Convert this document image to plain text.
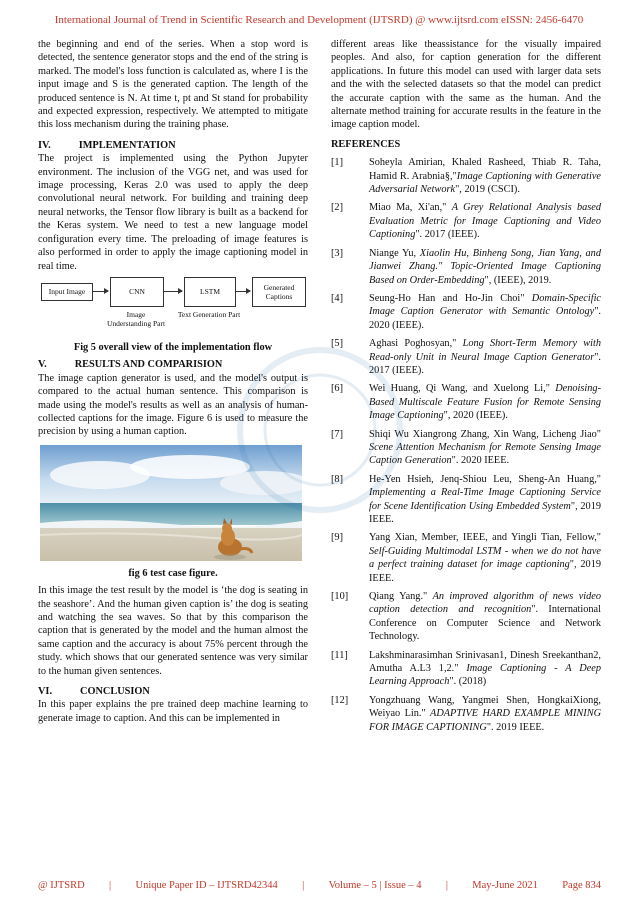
International Journal of Trend in Scientific Research and Development (IJTSRD) @ www.ijtsrd.com eISSN: 2456-6470

the beginning and end of the series. When a stop word is detected, the sentence generator stops and the end of the string is marked. The model's loss function is calculated as, where I is the input image and S is the generated caption. The length of the produced sentence is N. At time t, pt and St stand for probability and expected expression, respectively. We attempted to mitigate this loss mechanism during the training phase.

IV.	IMPLEMENTATION

The project is implemented using the Python Jupyter environment. The inclusion of the VGG net, and was used for image processing, Keras 2.0 was used to apply the deep convolutional neural network. For building and training deep neural networks, the Tensor flow library is built as a backend for the Keras system. We need to test a new language model configuration every time. The preloading of image features is also performed in order to apply the image captioning model in real time.

Input Image	CNN	LSTM
Image Understanding Part
Text Generation Part
Generated Captions
Fig 5 overall view of the implementation flow
V.	RESULTS AND COMPARISION

The image caption generator is used, and the model's output is compared to the actual human sentence. This comparison is made using the model's results as well as an analysis of human-collected captions for the image. Figure 6 is used to measure the precision by using a human caption.

fig 6 test case figure.

In this image the test result by the model is ‘the dog is seating in the seashore’. And the human given caption is’ the dog is seating and watching the sea waves. So that by this comparison the caption that is generated by the model and the human almost the same caption and the accuracy is about 75% percent through the study. which shows that our generated sentence was very similar to the human given sentences.

VI.	CONCLUSION

In this paper explains the pre trained deep machine learning to generate image to caption. And this can be implemented in

different areas like theassistance for the visually impaired peoples. And also, for caption generation for the different applications. In future this model can used with larger data sets and the with the selected datasets so that the model can predict the accurate caption with the same as the human. And the alternate method training for accurate results in the feature in the image caption model.

REFERENCES
[1]	Soheyla Amirian, Khaled Rasheed, Thiab R. Taha, Hamid R. Arabnia§,"Image Captioning with Generative Adversarial Network", 2019 (CSCI).
[2]	Miao Ma, Xi'an," A Grey Relational Analysis based Evaluation Metric for Image Captioning and Video Captioning". 2017 (IEEE).
[3]	Niange Yu, Xiaolin Hu, Binheng Song, Jian Yang, and Jianwei Zhang." Topic-Oriented Image Captioning Based on Order-Embedding", (IEEE), 2019.
[4]	Seung-Ho Han and Ho-Jin Choi" Domain-Specific Image Caption Generator with Semantic Ontology". 2020 (IEEE).
[5]	Aghasi Poghosyan," Long Short-Term Memory with Read-only Unit in Neural Image Caption Generator". 2017 (IEEE).
[6]	Wei Huang, Qi Wang, and Xuelong Li," Denoising-Based Multiscale Feature Fusion for Remote Sensing Image Captioning", 2020 (IEEE).
[7]	Shiqi Wu Xiangrong Zhang, Xin Wang, Licheng Jiao" Scene Attention Mechanism for Remote Sensing Image Caption Generation". 2020 IEEE.
[8]	He-Yen Hsieh, Jenq-Shiou Leu, Sheng-An Huang," Implementing a Real-Time Image Captioning Service for Scene Identification Using Embedded System", 2019 IEEE.
[9]	Yang Xian, Member, IEEE, and Yingli Tian, Fellow," Self-Guiding Multimodal LSTM - when we do not have a perfect training dataset for image captioning", 2019 IEEE.
[10]	Qiang Yang." An improved algorithm of news video caption detection and recognition". International Conference on Computer Science and Network Technology.
[11]	Lakshminarasimhan Srinivasan1, Dinesh Sreekanthan2, Amutha A.L3 1,2." Image Captioning - A Deep Learning Approach". (2018)
[12]	Yongzhuang Wang, Yangmei Shen, HongkaiXiong, Weiyao Lin." ADAPTIVE HARD EXAMPLE MINING FOR IMAGE CAPTIONING". 2019 IEEE.
@ IJTSRD | Unique Paper ID – IJTSRD42344 | Volume – 5 | Issue – 4 | May-June 2021 Page 834
